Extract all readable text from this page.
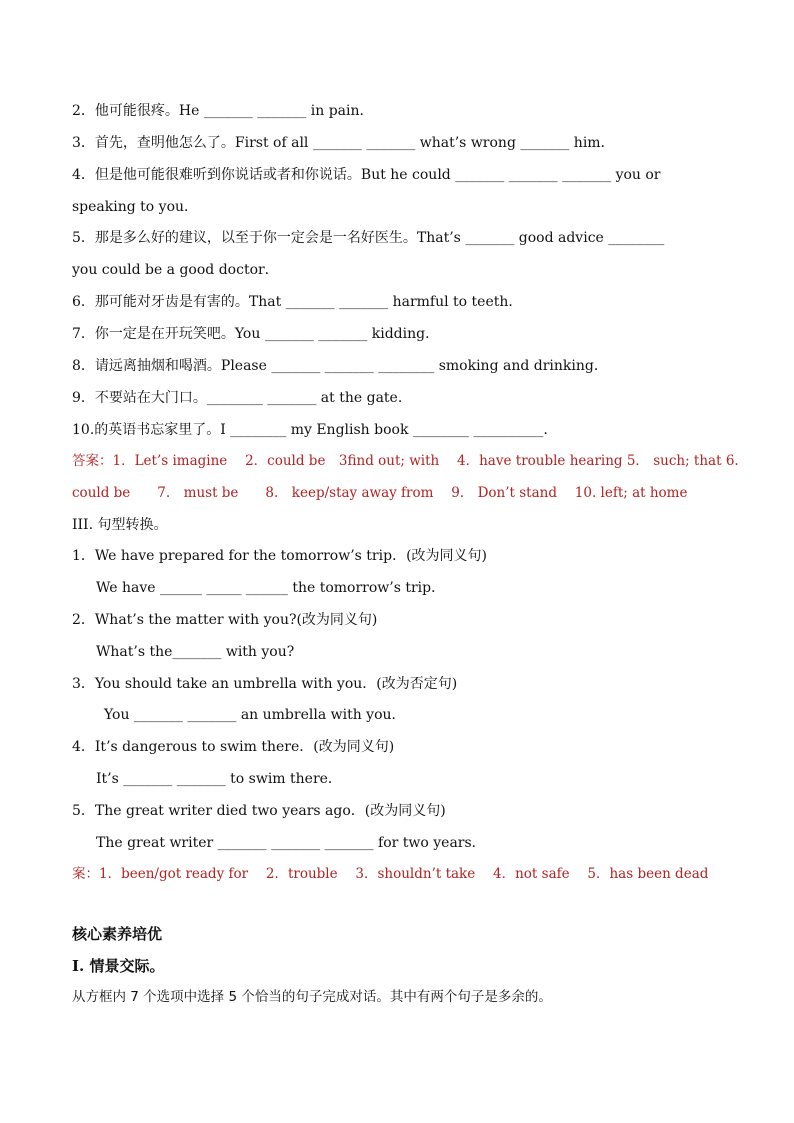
2．他可能很疼。He _______ _______ in pain．
3．首先，查明他怎么了。First of all _______ _______ what’s wrong _______ him．
4．但是他可能很难听到你说话或者和你说话。But he could _______ _______ _______ you or
speaking to you．
5．那是多么好的建议，以至于你一定会是一名好医生。That’s _______ good advice ________
you could be a good doctor．
6．那可能对牙齿是有害的。That _______ _______ harmful to teeth．
7．你一定是在开玩笑吧。You _______ _______ kidding．
8．请远离抽烟和喝酒。Please _______ _______ ________ smoking and drinking．
9．不要站在大门口。________ _______ at the gate.
10.的英语书忘家里了。I ________ my English book ________ __________.
答案：1．Let’s imagine　 2．could be　3find out; with　 4．have trouble hearing 5． such; that 6.
could be　　7.　must be　　8.　keep/stay away from　 9.　Don’t stand　 10. left; at home
III. 句型转换。
1．We have prepared for the tomorrow’s trip．(改为同义句)
We have ______ _____ ______ the tomorrow’s trip．
2．What’s the matter with you?(改为同义句)
What’s the_______ with you?
3．You should take an umbrella with you．(改为否定句)
You _______ _______ an umbrella with you．
4．It’s dangerous to swim there．(改为同义句)
It’s _______ _______ to swim there．
5．The great writer died two years ago．(改为同义句)
The great writer _______ _______ _______ for two years．
案：1．been/got ready for　 2．trouble　 3．shouldn’t take　 4．not safe　 5．has been dead
核心素养培优
I. 情景交际。
从方框内 7 个选项中选择 5 个恰当的句子完成对话。其中有两个句子是多余的。
